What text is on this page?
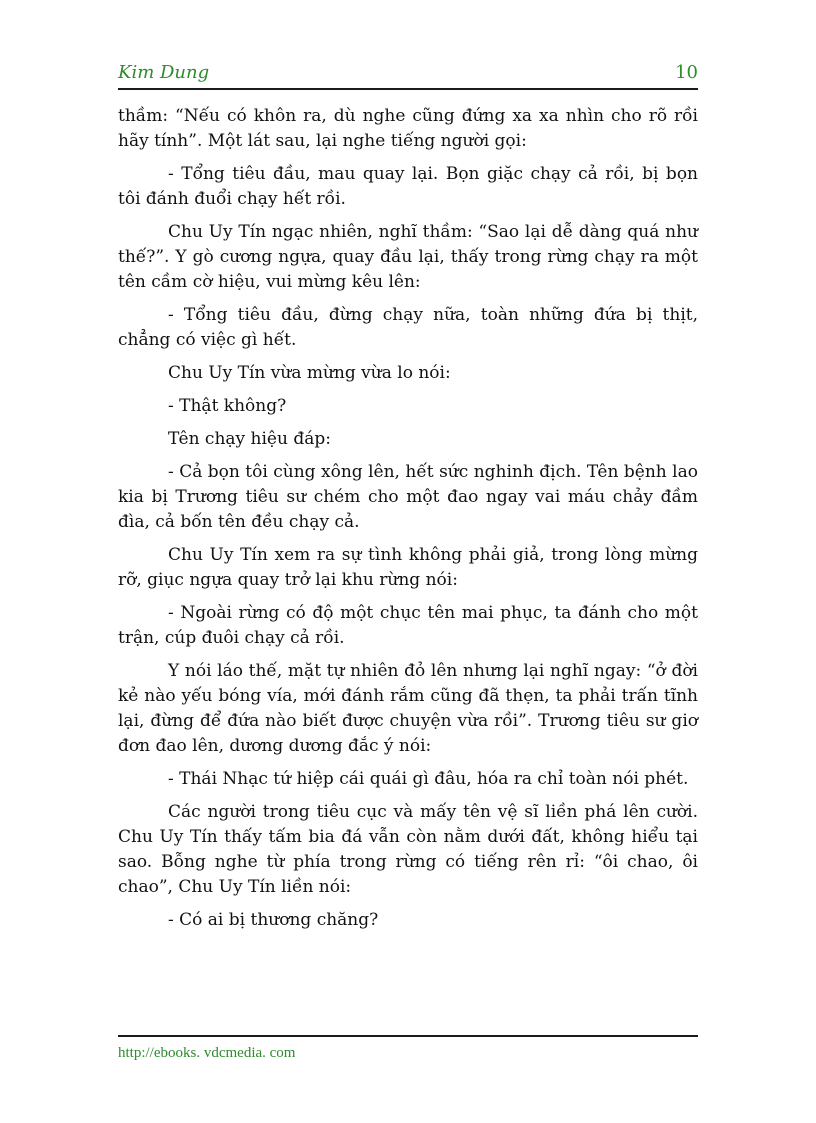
Kim Dung	10

thầm: “Nếu có khôn ra, dù nghe cũng đứng xa xa nhìn cho rõ rồi hãy tính”. Một lát sau, lại nghe tiếng người gọi:

- Tổng tiêu đầu, mau quay lại. Bọn giặc chạy cả rồi, bị bọn tôi đánh đuổi chạy hết rồi.

Chu Uy Tín ngạc nhiên, nghĩ thầm: “Sao lại dễ dàng quá như thế?”. Y gò cương ngựa, quay đầu lại, thấy trong rừng chạy ra một tên cầm cờ hiệu, vui mừng kêu lên:

- Tổng tiêu đầu, đừng chạy nữa, toàn những đứa bị thịt, chẳng có việc gì hết.

Chu Uy Tín vừa mừng vừa lo nói:

- Thật không?

Tên chạy hiệu đáp:

- Cả bọn tôi cùng xông lên, hết sức nghinh địch. Tên bệnh lao kia bị Trương tiêu sư chém cho một đao ngay vai máu chảy đầm đìa, cả bốn tên đều chạy cả.

Chu Uy Tín xem ra sự tình không phải giả, trong lòng mừng rỡ, giục ngựa quay trở lại khu rừng nói:

- Ngoài rừng có độ một chục tên mai phục, ta đánh cho một trận, cúp đuôi chạy cả rồi.

Y nói láo thế, mặt tự nhiên đỏ lên nhưng lại nghĩ ngay: “ở đời kẻ nào yếu bóng vía, mới đánh rắm cũng đã thẹn, ta phải trấn tĩnh lại, đừng để đứa nào biết được chuyện vừa rồi”. Trương tiêu sư giơ đơn đao lên, dương dương đắc ý nói:

- Thái Nhạc tứ hiệp cái quái gì đâu, hóa ra chỉ toàn nói phét.

Các người trong tiêu cục và mấy tên vệ sĩ liền phá lên cười. Chu Uy Tín thấy tấm bia đá vẫn còn nằm dưới đất, không hiểu tại sao. Bỗng nghe từ phía trong rừng có tiếng rên rỉ: “ôi chao, ôi chao”, Chu Uy Tín liền nói:

- Có ai bị thương chăng?

http://ebooks. vdcmedia. com
